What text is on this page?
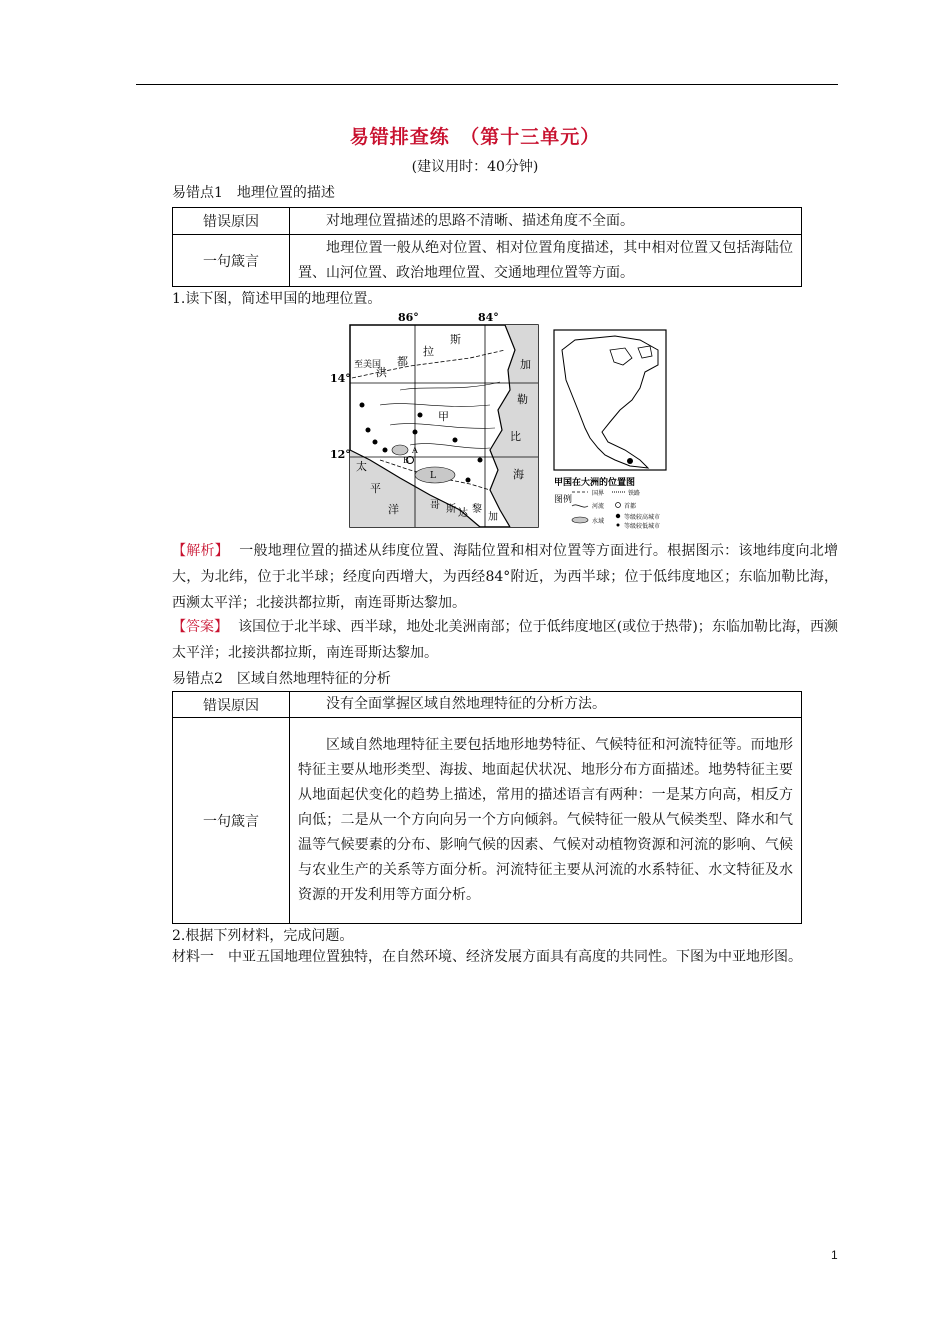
易错排查练　（第十三单元）
(建议用时：40分钟)
易错点1　地理位置的描述
错误原因	对地理位置描述的思路不清晰、描述角度不全面。
一句箴言	地理位置一般从绝对位置、相对位置角度描述，其中相对位置又包括海陆位置、山河位置、政治地理位置、交通地理位置等方面。
1.读下图，简述甲国的地理位置。
86°	84°
14°
12°
斯
拉
都
至美国
洪
甲
加
勒
比
海
太
平
洋	哥 斯 达 黎
加
L
A
B
甲国在大洲的位置图
图例
国界	铁路
河流	首都
水域
等级较高城市
等级较低城市
【解析】 一般地理位置的描述从纬度位置、海陆位置和相对位置等方面进行。根据图示：该地纬度向北增大，为北纬，位于北半球；经度向西增大，为西经84°附近，为西半球；位于低纬度地区；东临加勒比海，西濒太平洋；北接洪都拉斯，南连哥斯达黎加。
【答案】 该国位于北半球、西半球，地处北美洲南部；位于低纬度地区(或位于热带)；东临加勒比海，西濒太平洋；北接洪都拉斯，南连哥斯达黎加。
易错点2　区域自然地理特征的分析
错误原因	没有全面掌握区域自然地理特征的分析方法。
一句箴言	区域自然地理特征主要包括地形地势特征、气候特征和河流特征等。而地形特征主要从地形类型、海拔、地面起伏状况、地形分布方面描述。地势特征主要从地面起伏变化的趋势上描述，常用的描述语言有两种：一是某方向高，相反方向低；二是从一个方向向另一个方向倾斜。气候特征一般从气候类型、降水和气温等气候要素的分布、影响气候的因素、气候对动植物资源和河流的影响、气候与农业生产的关系等方面分析。河流特征主要从河流的水系特征、水文特征及水资源的开发利用等方面分析。
2.根据下列材料，完成问题。
材料一　中亚五国地理位置独特，在自然环境、经济发展方面具有高度的共同性。下图为中亚地形图。
1
